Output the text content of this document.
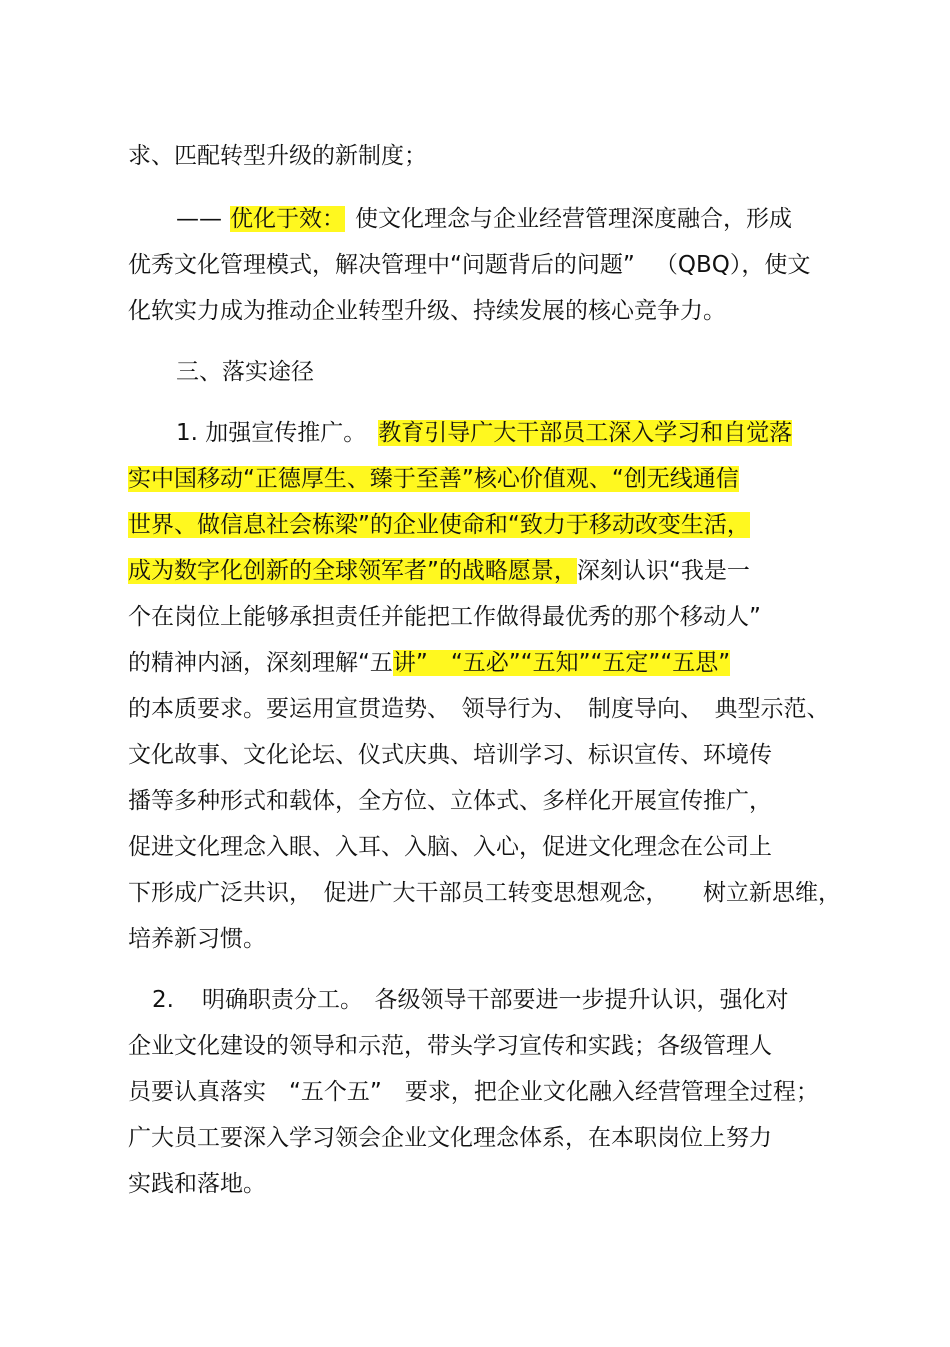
求、匹配转型升级的新制度；
—— 优化于效： 使文化理念与企业经营管理深度融合，形成
优秀文化管理模式，解决管理中“问题背后的问题” （QBQ），使文
化软实力成为推动企业转型升级、持续发展的核心竞争力。
三、落实途径
1. 加强宣传推广。 教育引导广大干部员工深入学习和自觉落
实中国移动“正德厚生、臻于至善”核心价值观、“创无线通信
世界、做信息社会栋梁”的企业使命和“致力于移动改变生活，
成为数字化创新的全球领军者”的战略愿景，深刻认识“我是一
个在岗位上能够承担责任并能把工作做得最优秀的那个移动人”
的精神内涵，深刻理解“五讲”　“五必”“五知”“五定”“五思”
的本质要求。要运用宣贯造势、　领导行为、　制度导向、　典型示范、
文化故事、文化论坛、仪式庆典、培训学习、标识宣传、环境传
播等多种形式和载体，全方位、立体式、多样化开展宣传推广，
促进文化理念入眼、入耳、入脑、入心，促进文化理念在公司上
下形成广泛共识，　促进广大干部员工转变思想观念，　　树立新思维，
培养新习惯。
2. 明确职责分工。　各级领导干部要进一步提升认识，强化对
企业文化建设的领导和示范，带头学习宣传和实践；各级管理人
员要认真落实　“五个五”　要求，把企业文化融入经营管理全过程；
广大员工要深入学习领会企业文化理念体系，在本职岗位上努力
实践和落地。
